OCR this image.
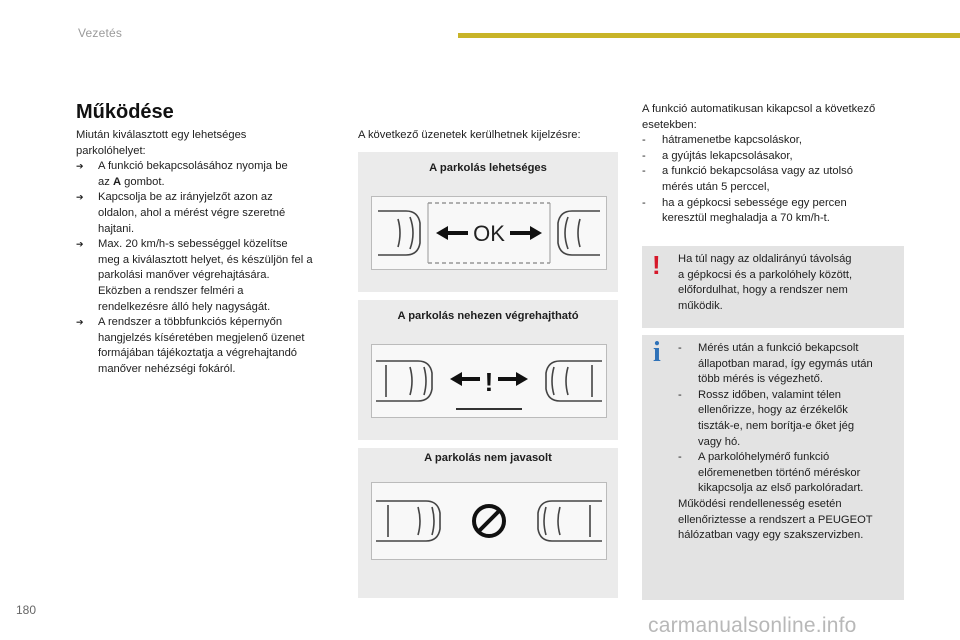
Vezetés
Működése

Miután kiválasztott egy lehetséges parkolóhelyet:

➔ A funkció bekapcsolásához nyomja be

az A gombot.

➔ Kapcsolja be az irányjelzőt azon az

oldalon, ahol a mérést végre szeretné

hajtani.

➔ Max. 20 km/h-s sebességgel közelítse

meg a kiválasztott helyet, és készüljön fel a

parkolási manőver végrehajtására.

Eközben a rendszer felméri a

rendelkezésre álló hely nagyságát.

➔ A rendszer a többfunkciós képernyőn

hangjelzés kíséretében megjelenő üzenet

formájában tájékoztatja a végrehajtandó

manőver nehézségi fokáról.

A következő üzenetek kerülhetnek kijelzésre:
A parkolás lehetséges
OK
A parkolás nehezen végrehajtható
!
A parkolás nem javasolt

A funkció automatikusan kikapcsol a következő

esetekben:

- hátramenetbe kapcsoláskor,

- a gyújtás lekapcsolásakor,

- a funkció bekapcsolása vagy az utolsó

mérés után 5 perccel,

- ha a gépkocsi sebessége egy percen

keresztül meghaladja a 70 km/h-t.

! Ha túl nagy az oldalirányú távolság

a gépkocsi és a parkolóhely között,

előfordulhat, hogy a rendszer nem

működik.

i - Mérés után a funkció bekapcsolt

állapotban marad, így egymás után

több mérés is végezhető.

- Rossz időben, valamint télen

ellenőrizze, hogy az érzékelők

tiszták-e, nem borítja-e őket jég

vagy hó.

- A parkolóhelymérő funkció

előremenetben történő méréskor

kikapcsolja az első parkolóradart.

Működési rendellenesség esetén

ellenőriztesse a rendszert a PEUGEOT

hálózatban vagy egy szakszervizben.

180
carmanualsonline.info
